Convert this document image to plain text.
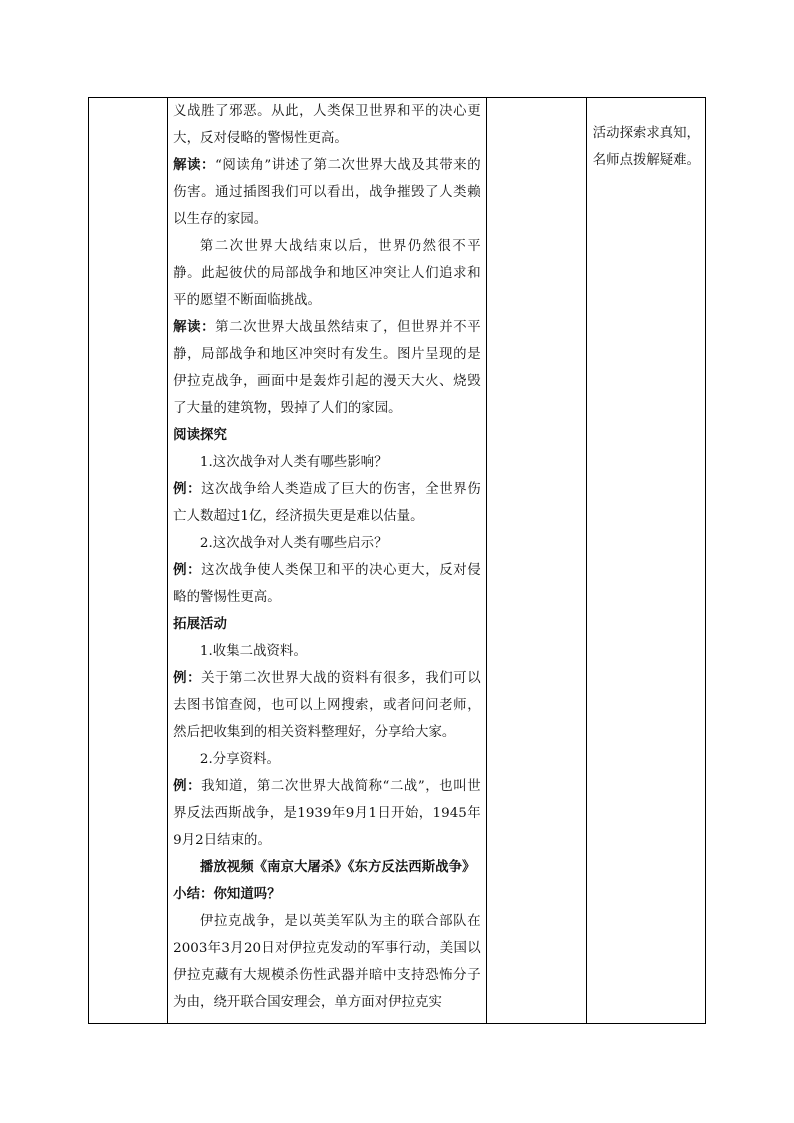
义战胜了邪恶。从此，人类保卫世界和平的决心更大，反对侵略的警惕性更高。

解读：“阅读角”讲述了第二次世界大战及其带来的伤害。通过插图我们可以看出，战争摧毁了人类赖以生存的家园。

第二次世界大战结束以后，世界仍然很不平静。此起彼伏的局部战争和地区冲突让人们追求和平的愿望不断面临挑战。

解读：第二次世界大战虽然结束了，但世界并不平静，局部战争和地区冲突时有发生。图片呈现的是伊拉克战争，画面中是轰炸引起的漫天大火、烧毁了大量的建筑物，毁掉了人们的家园。

阅读探究

1.这次战争对人类有哪些影响？

例：这次战争给人类造成了巨大的伤害，全世界伤亡人数超过1亿，经济损失更是难以估量。

2.这次战争对人类有哪些启示？

例：这次战争使人类保卫和平的决心更大，反对侵略的警惕性更高。

拓展活动

1.收集二战资料。

例：关于第二次世界大战的资料有很多，我们可以去图书馆查阅，也可以上网搜索，或者问问老师，然后把收集到的相关资料整理好，分享给大家。

2.分享资料。

例：我知道，第二次世界大战简称“二战”，也叫世界反法西斯战争，是1939年9月1日开始，1945年9月2日结束的。

播放视频《南京大屠杀》《东方反法西斯战争》

小结：你知道吗？

伊拉克战争，是以英美军队为主的联合部队在2003年3月20日对伊拉克发动的军事行动，美国以伊拉克藏有大规模杀伤性武器并暗中支持恐怖分子为由，绕开联合国安理会，单方面对伊拉克实

活动探索求真知，名师点拨解疑难。
